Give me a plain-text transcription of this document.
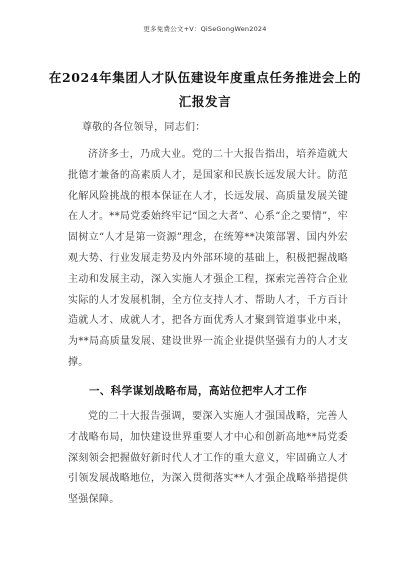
更多免费公文+V：QiSeGongWen2024
在2024年集团人才队伍建设年度重点任务推进会上的汇报发言
尊敬的各位领导，同志们：
济济多士，乃成大业。党的二十大报告指出，培养造就大批德才兼备的高素质人才，是国家和民族长远发展大计。防范化解风险挑战的根本保证在人才，长远发展、高质量发展关键在人才。**局党委始终牢记“国之大者”、心系“企之要情”，牢固树立“人才是第一资源”理念，在统筹**决策部署、国内外宏观大势、行业发展走势及内外部环境的基础上，积极把握战略主动和发展主动，深入实施人才强企工程，探索完善符合企业实际的人才发展机制，全方位支持人才、帮助人才，千方百计造就人才、成就人才，把各方面优秀人才聚到管道事业中来，为**局高质量发展、建设世界一流企业提供坚强有力的人才支撑。
一、科学谋划战略布局，高站位把牢人才工作
党的二十大报告强调，要深入实施人才强国战略，完善人才战略布局，加快建设世界重要人才中心和创新高地**局党委深刻领会把握做好新时代人才工作的重大意义，牢固确立人才引领发展战略地位，为深入贯彻落实**人才强企战略举措提供坚强保障。
